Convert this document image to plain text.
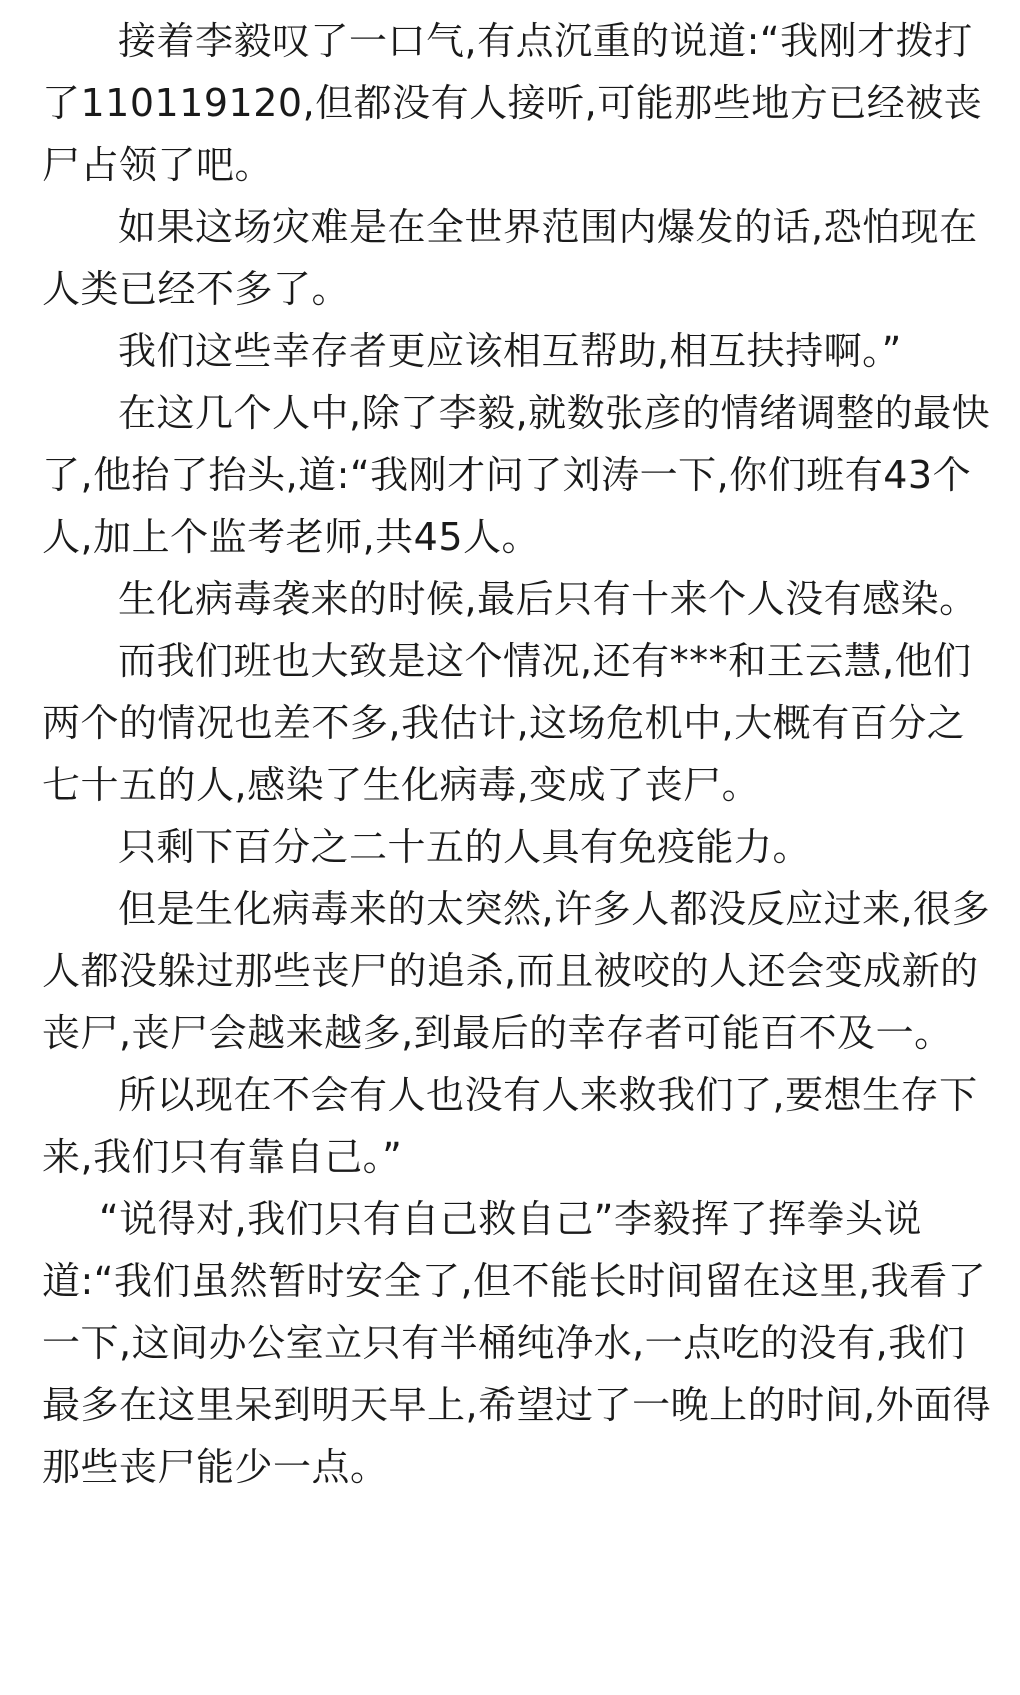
接着李毅叹了一口气,有点沉重的说道:“我刚才拨打了110119120,但都没有人接听,可能那些地方已经被丧尸占领了吧。

如果这场灾难是在全世界范围内爆发的话,恐怕现在人类已经不多了。

我们这些幸存者更应该相互帮助,相互扶持啊。”

在这几个人中,除了李毅,就数张彦的情绪调整的最快了,他抬了抬头,道:“我刚才问了刘涛一下,你们班有43个人,加上个监考老师,共45人。

生化病毒袭来的时候,最后只有十来个人没有感染。

而我们班也大致是这个情况,还有***和王云慧,他们两个的情况也差不多,我估计,这场危机中,大概有百分之七十五的人,感染了生化病毒,变成了丧尸。

只剩下百分之二十五的人具有免疫能力。

但是生化病毒来的太突然,许多人都没反应过来,很多人都没躲过那些丧尸的追杀,而且被咬的人还会变成新的丧尸,丧尸会越来越多,到最后的幸存者可能百不及一。

所以现在不会有人也没有人来救我们了,要想生存下来,我们只有靠自己。”

“说得对,我们只有自己救自己”李毅挥了挥拳头说道:“我们虽然暂时安全了,但不能长时间留在这里,我看了一下,这间办公室立只有半桶纯净水,一点吃的没有,我们最多在这里呆到明天早上,希望过了一晚上的时间,外面得那些丧尸能少一点。
